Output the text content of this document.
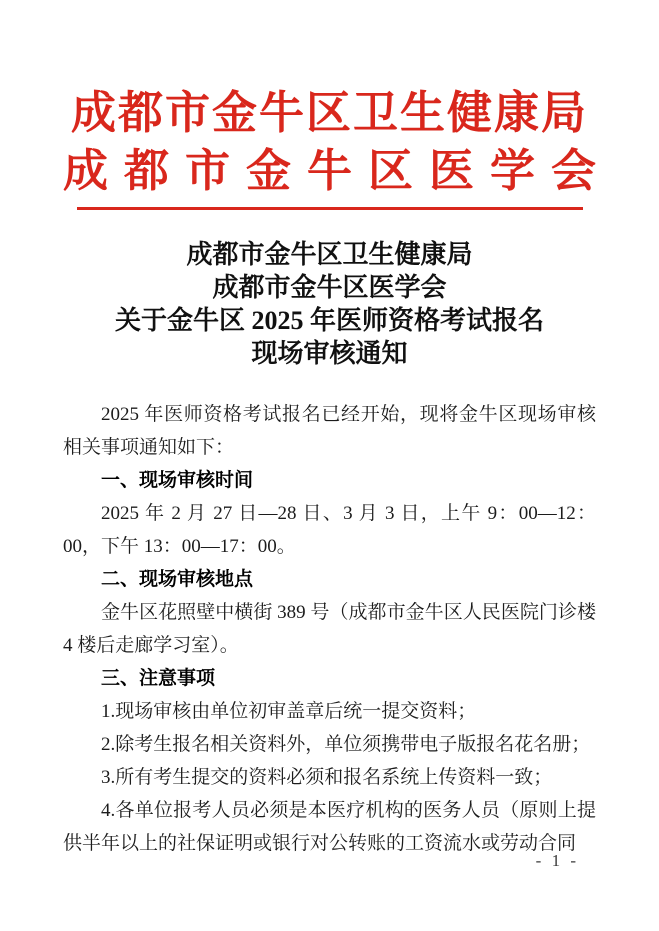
成都市金牛区卫生健康局
成都市金牛区医学会
成都市金牛区卫生健康局
成都市金牛区医学会
关于金牛区 2025 年医师资格考试报名
现场审核通知

2025 年医师资格考试报名已经开始，现将金牛区现场审核相关事项通知如下：

一、现场审核时间

2025 年 2 月 27 日—28 日、3 月 3 日，上午 9：00—12：00，下午 13：00—17：00。

二、现场审核地点

金牛区花照壁中横街 389 号（成都市金牛区人民医院门诊楼 4 楼后走廊学习室）。

三、注意事项

1.现场审核由单位初审盖章后统一提交资料；

2.除考生报名相关资料外，单位须携带电子版报名花名册；

3.所有考生提交的资料必须和报名系统上传资料一致；

4.各单位报考人员必须是本医疗机构的医务人员（原则上提供半年以上的社保证明或银行对公转账的工资流水或劳动合同

- 1 -
